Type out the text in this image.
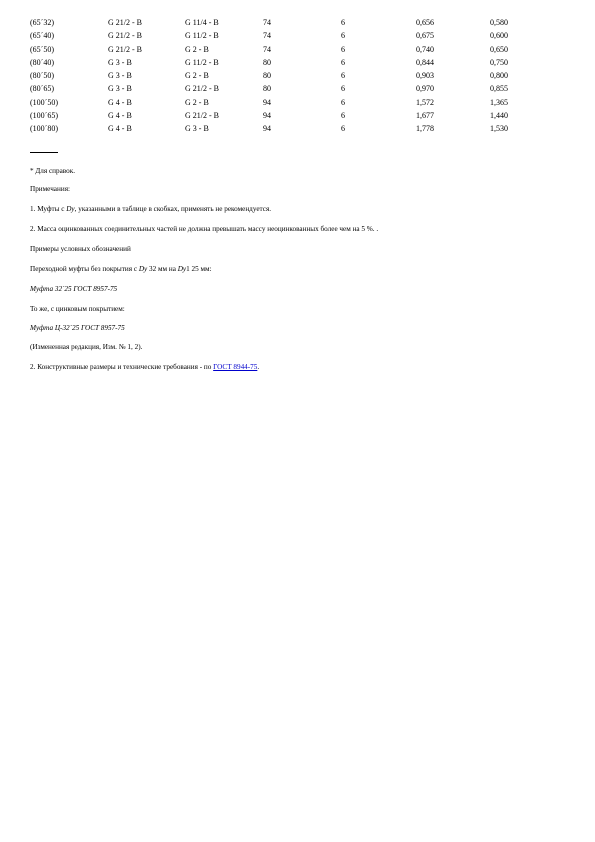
(65´32)	G 21/2 - B	G 11/4 - B	74	6	0,656	0,580
(65´40)	G 21/2 - B	G 11/2 - B	74	6	0,675	0,600
(65´50)	G 21/2 - B	G 2 - B	74	6	0,740	0,650
(80´40)	G 3 - B	G 11/2 - B	80	6	0,844	0,750
(80´50)	G 3 - B	G 2 - B	80	6	0,903	0,800
(80´65)	G 3 - B	G 21/2 - B	80	6	0,970	0,855
(100´50)	G 4 - B	G 2 - B	94	6	1,572	1,365
(100´65)	G 4 - B	G 21/2 - B	94	6	1,677	1,440
(100´80)	G 4 - B	G 3 - B	94	6	1,778	1,530
* Для справок.
Примечания:
1. Муфты с Dy, указанными в таблице в скобках, применять не рекомендуется.
2. Масса оцинкованных соединительных частей не должна превышать массу неоцинкованных более чем на 5 %. .
Примеры условных обозначений
Переходной муфты без покрытия с Dy 32 мм на Dy1 25 мм:
Муфта 32´25 ГОСТ 8957-75
То же, с цинковым покрытием:
Муфта Ц-32´25 ГОСТ 8957-75
(Измененная редакция, Изм. № 1, 2).
2. Конструктивные размеры и технические требования - по ГОСТ 8944-75.
